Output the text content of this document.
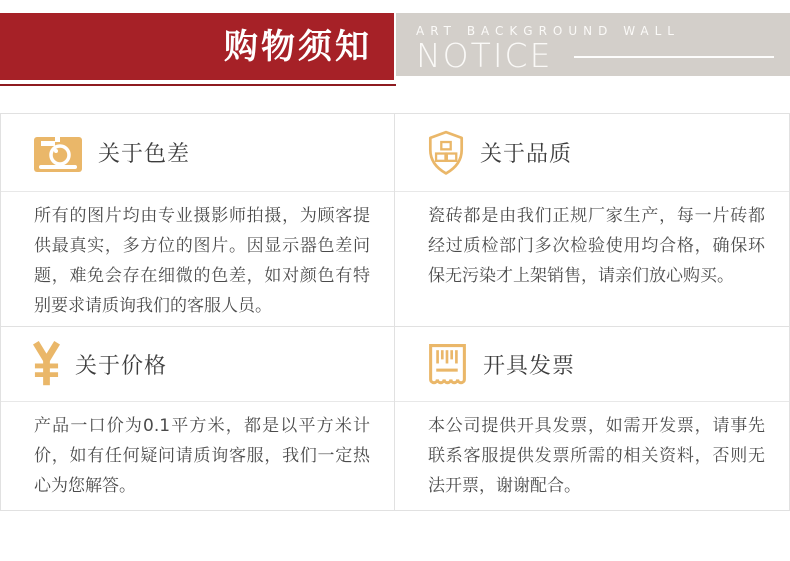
购物须知	ART BACKGROUND WALL
NOTICE
关于色差

所有的图片均由专业摄影师拍摄，为顾客提供最真实，多方位的图片。因显示器色差问题，难免会存在细微的色差，如对颜色有特别要求请质询我们的客服人员。

关于品质

瓷砖都是由我们正规厂家生产，每一片砖都经过质检部门多次检验使用均合格，确保环保无污染才上架销售，请亲们放心购买。

关于价格

产品一口价为0.1平方米，都是以平方米计价，如有任何疑问请质询客服，我们一定热心为您解答。

开具发票

本公司提供开具发票，如需开发票，请事先联系客服提供发票所需的相关资料，否则无法开票，谢谢配合。
